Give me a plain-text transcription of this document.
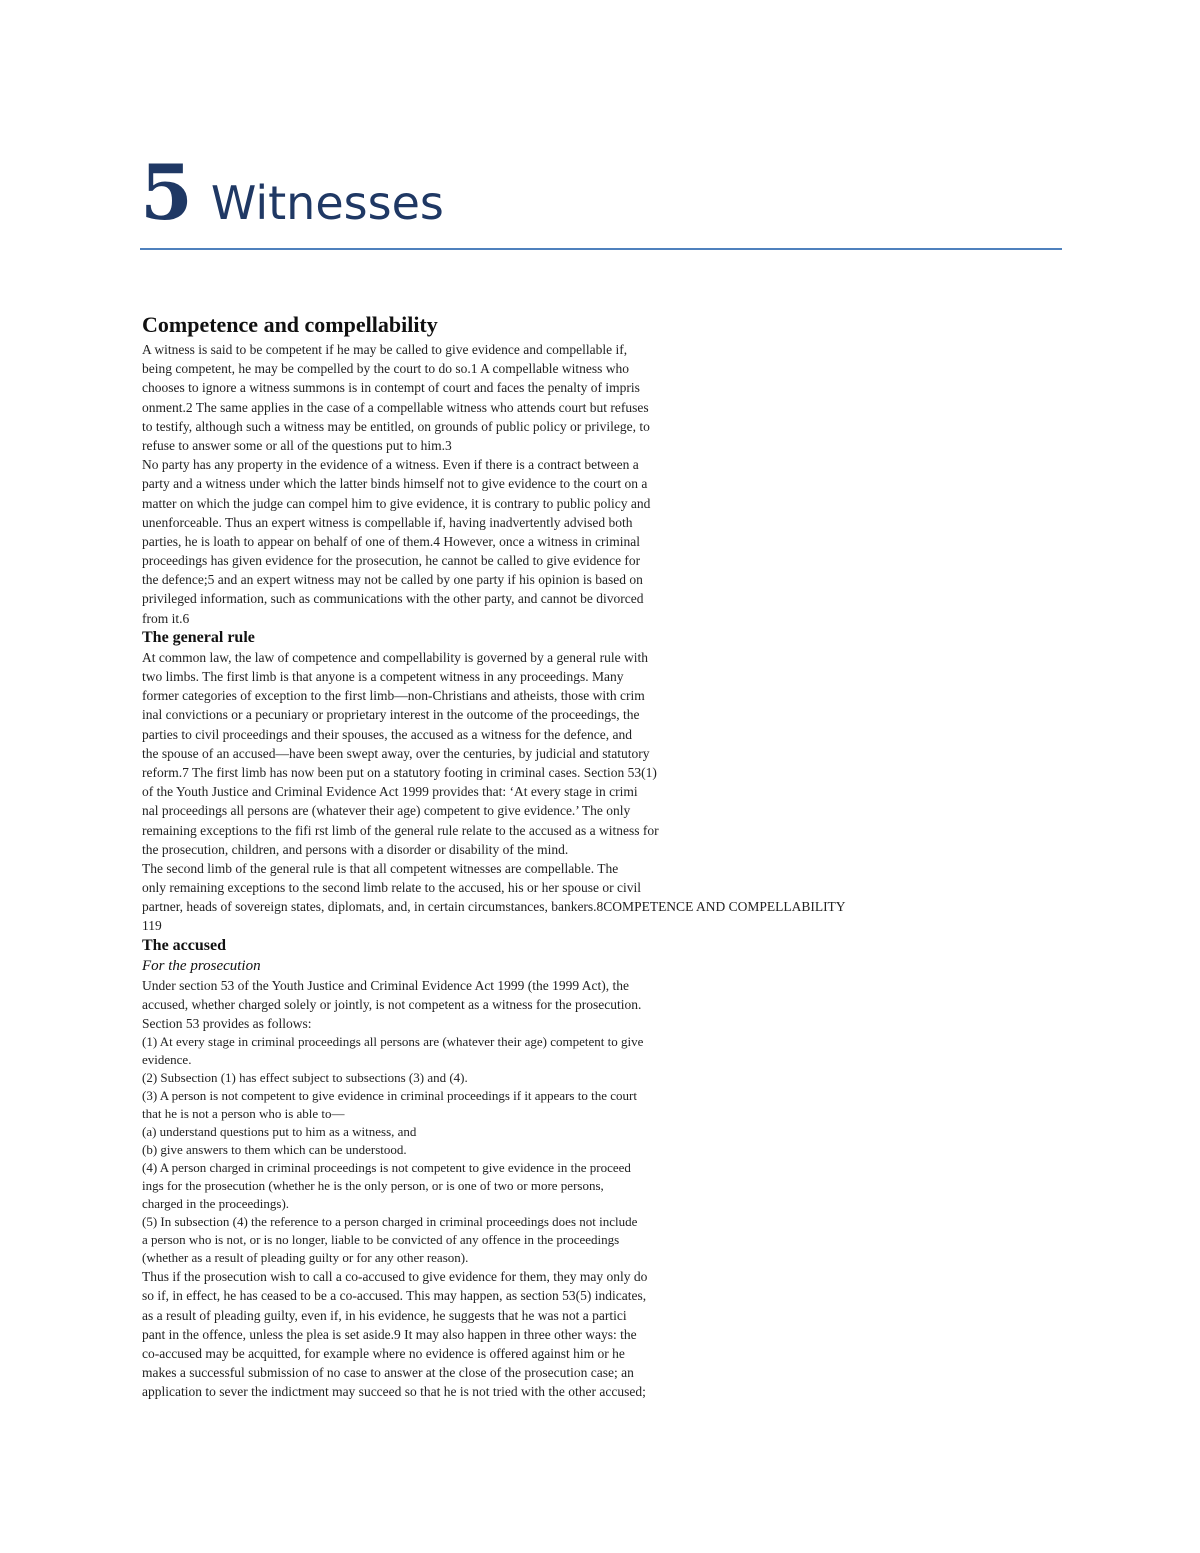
5 Witnesses
Competence and compellability
A witness is said to be competent if he may be called to give evidence and compellable if,
being competent, he may be compelled by the court to do so.1 A compellable witness who
chooses to ignore a witness summons is in contempt of court and faces the penalty of impris
onment.2 The same applies in the case of a compellable witness who attends court but refuses
to testify, although such a witness may be entitled, on grounds of public policy or privilege, to
refuse to answer some or all of the questions put to him.3
No party has any property in the evidence of a witness. Even if there is a contract between a
party and a witness under which the latter binds himself not to give evidence to the court on a
matter on which the judge can compel him to give evidence, it is contrary to public policy and
unenforceable. Thus an expert witness is compellable if, having inadvertently advised both
parties, he is loath to appear on behalf of one of them.4 However, once a witness in criminal
proceedings has given evidence for the prosecution, he cannot be called to give evidence for
the defence;5 and an expert witness may not be called by one party if his opinion is based on
privileged information, such as communications with the other party, and cannot be divorced
from it.6
The general rule
At common law, the law of competence and compellability is governed by a general rule with
two limbs. The first limb is that anyone is a competent witness in any proceedings. Many
former categories of exception to the first limb—non-Christians and atheists, those with crim
inal convictions or a pecuniary or proprietary interest in the outcome of the proceedings, the
parties to civil proceedings and their spouses, the accused as a witness for the defence, and
the spouse of an accused—have been swept away, over the centuries, by judicial and statutory
reform.7 The first limb has now been put on a statutory footing in criminal cases. Section 53(1)
of the Youth Justice and Criminal Evidence Act 1999 provides that: ‘At every stage in crimi
nal proceedings all persons are (whatever their age) competent to give evidence.’ The only
remaining exceptions to the fifi rst limb of the general rule relate to the accused as a witness for
the prosecution, children, and persons with a disorder or disability of the mind.
The second limb of the general rule is that all competent witnesses are compellable. The
only remaining exceptions to the second limb relate to the accused, his or her spouse or civil
partner, heads of sovereign states, diplomats, and, in certain circumstances, bankers.8COMPETENCE AND COMPELLABILITY
119
The accused
For the prosecution
Under section 53 of the Youth Justice and Criminal Evidence Act 1999 (the 1999 Act), the
accused, whether charged solely or jointly, is not competent as a witness for the prosecution.
Section 53 provides as follows:
(1) At every stage in criminal proceedings all persons are (whatever their age) competent to give
evidence.
(2) Subsection (1) has effect subject to subsections (3) and (4).
(3) A person is not competent to give evidence in criminal proceedings if it appears to the court
that he is not a person who is able to—
(a) understand questions put to him as a witness, and
(b) give answers to them which can be understood.
(4) A person charged in criminal proceedings is not competent to give evidence in the proceed
ings for the prosecution (whether he is the only person, or is one of two or more persons,
charged in the proceedings).
(5) In subsection (4) the reference to a person charged in criminal proceedings does not include
a person who is not, or is no longer, liable to be convicted of any offence in the proceedings
(whether as a result of pleading guilty or for any other reason).
Thus if the prosecution wish to call a co-accused to give evidence for them, they may only do
so if, in effect, he has ceased to be a co-accused. This may happen, as section 53(5) indicates,
as a result of pleading guilty, even if, in his evidence, he suggests that he was not a partici
pant in the offence, unless the plea is set aside.9 It may also happen in three other ways: the
co-accused may be acquitted, for example where no evidence is offered against him or he
makes a successful submission of no case to answer at the close of the prosecution case; an
application to sever the indictment may succeed so that he is not tried with the other accused;
